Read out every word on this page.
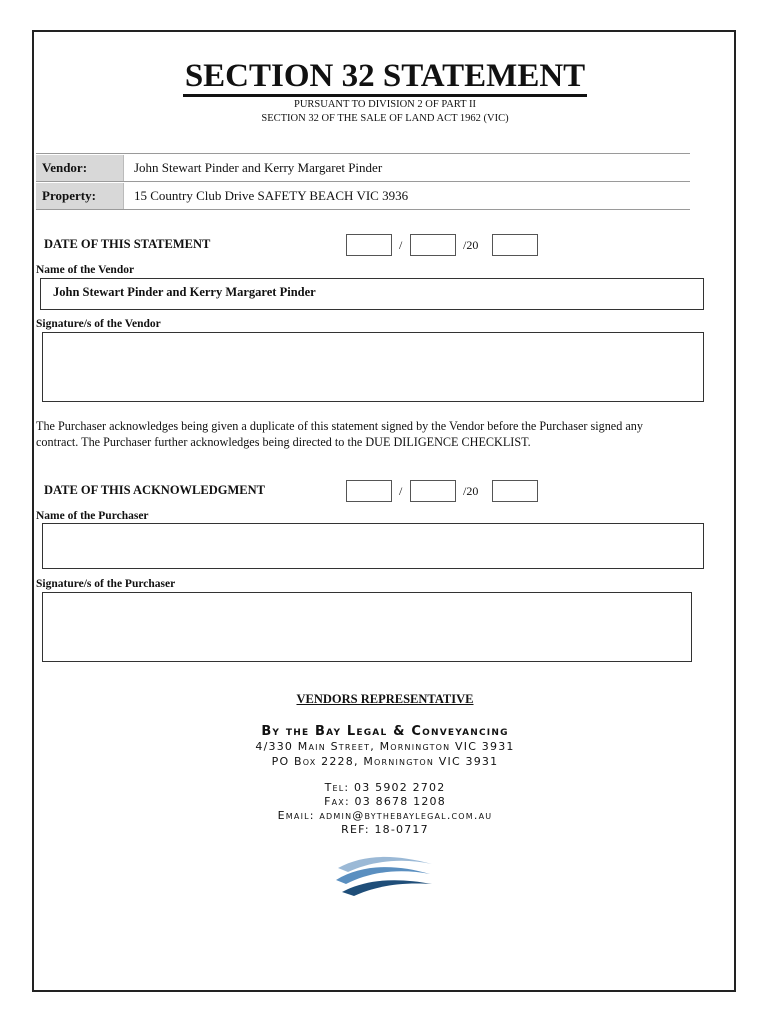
SECTION 32 STATEMENT
PURSUANT TO DIVISION 2 OF PART II
SECTION 32 OF THE SALE OF LAND ACT 1962 (VIC)
Vendor:	John Stewart Pinder and Kerry Margaret Pinder
Property:	15 Country Club Drive SAFETY BEACH VIC 3936
DATE OF THIS STATEMENT	/	/20
Name of the Vendor
John Stewart Pinder and Kerry Margaret Pinder
Signature/s of the Vendor
The Purchaser acknowledges being given a duplicate of this statement signed by the Vendor before the Purchaser signed any
contract. The Purchaser further acknowledges being directed to the DUE DILIGENCE CHECKLIST.
DATE OF THIS ACKNOWLEDGMENT	/	/20
Name of the Purchaser
Signature/s of the Purchaser
VENDORS REPRESENTATIVE
By the Bay Legal & Conveyancing
4/330 Main Street, Mornington VIC 3931
PO Box 2228, Mornington VIC 3931
Tel: 03 5902 2702
Fax: 03 8678 1208
Email: admin@bythebaylegal.com.au
REF: 18-0717
